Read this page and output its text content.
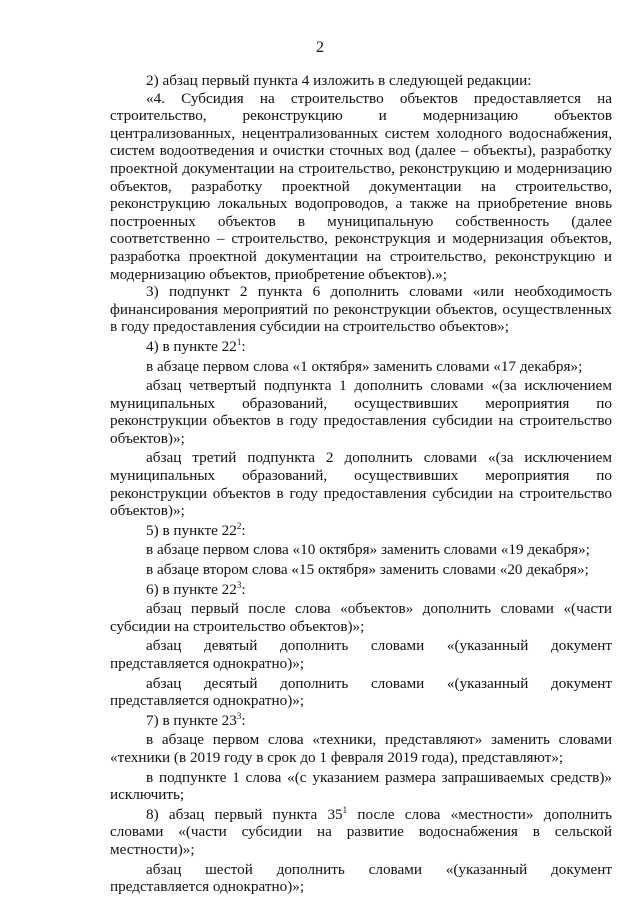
2

2) абзац первый пункта 4 изложить в следующей редакции:

«4. Субсидия на строительство объектов предоставляется на строительство, реконструкцию и модернизацию объектов централизованных, нецентрализованных систем холодного водоснабжения, систем водоотведения и очистки сточных вод (далее – объекты), разработку проектной документации на строительство, реконструкцию и модернизацию объектов, разработку проектной документации на строительство, реконструкцию локальных водопроводов, а также на приобретение вновь построенных объектов в муниципальную собственность (далее соответственно – строительство, реконструкция и модернизация объектов, разработка проектной документации на строительство, реконструкцию и модернизацию объектов, приобретение объектов).»;

3) подпункт 2 пункта 6 дополнить словами «или необходимость финансирования мероприятий по реконструкции объектов, осуществленных в году предоставления субсидии на строительство объектов»;

4) в пункте $22^1$:

в абзаце первом слова «1 октября» заменить словами «17 декабря»;

абзац четвертый подпункта 1 дополнить словами «(за исключением муниципальных образований, осуществивших мероприятия по реконструкции объектов в году предоставления субсидии на строительство объектов)»;

абзац третий подпункта 2 дополнить словами «(за исключением муниципальных образований, осуществивших мероприятия по реконструкции объектов в году предоставления субсидии на строительство объектов)»;

5) в пункте $22^2$:

в абзаце первом слова «10 октября» заменить словами «19 декабря»;

в абзаце втором слова «15 октября» заменить словами «20 декабря»;

6) в пункте $22^3$:

абзац первый после слова «объектов» дополнить словами «(части субсидии на строительство объектов)»;

абзац девятый дополнить словами «(указанный документ представляется однократно)»;

абзац десятый дополнить словами «(указанный документ представляется однократно)»;

7) в пункте $23^3$:

в абзаце первом слова «техники, представляют» заменить словами «техники (в 2019 году в срок до 1 февраля 2019 года), представляют»;

в подпункте 1 слова «(с указанием размера запрашиваемых средств)» исключить;

8) абзац первый пункта $35^1$ после слова «местности» дополнить словами «(части субсидии на развитие водоснабжения в сельской местности)»;

абзац шестой дополнить словами «(указанный документ представляется однократно)»;
